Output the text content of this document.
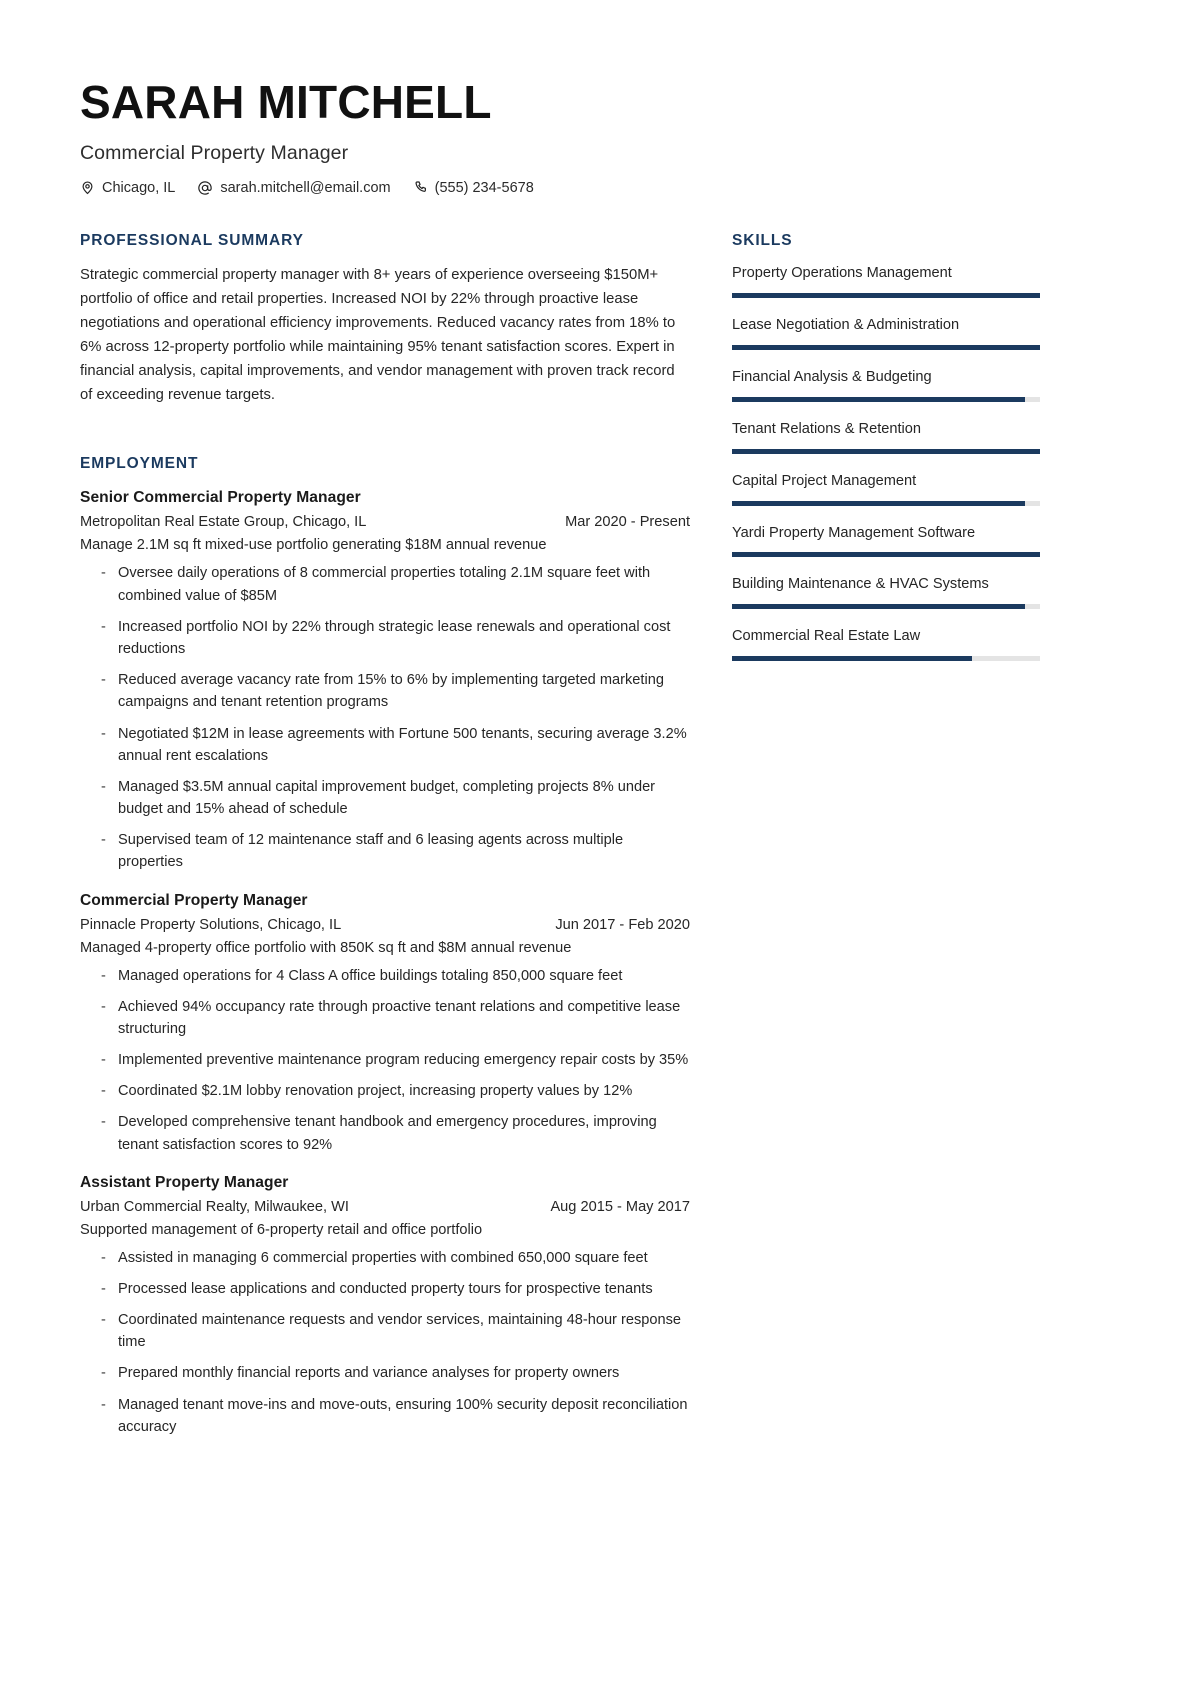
SARAH MITCHELL
Commercial Property Manager
Chicago, IL	sarah.mitchell@email.com	(555) 234-5678
PROFESSIONAL SUMMARY

Strategic commercial property manager with 8+ years of experience overseeing $150M+ portfolio of office and retail properties. Increased NOI by 22% through proactive lease negotiations and operational efficiency improvements. Reduced vacancy rates from 18% to 6% across 12-property portfolio while maintaining 95% tenant satisfaction scores. Expert in financial analysis, capital improvements, and vendor management with proven track record of exceeding revenue targets.

EMPLOYMENT
Senior Commercial Property Manager
Metropolitan Real Estate Group, Chicago, IL	Mar 2020 - Present
Manage 2.1M sq ft mixed-use portfolio generating $18M annual revenue
- Oversee daily operations of 8 commercial properties totaling 2.1M square feet with combined value of $85M
- Increased portfolio NOI by 22% through strategic lease renewals and operational cost reductions
- Reduced average vacancy rate from 15% to 6% by implementing targeted marketing campaigns and tenant retention programs
- Negotiated $12M in lease agreements with Fortune 500 tenants, securing average 3.2% annual rent escalations
- Managed $3.5M annual capital improvement budget, completing projects 8% under budget and 15% ahead of schedule
- Supervised team of 12 maintenance staff and 6 leasing agents across multiple properties
Commercial Property Manager
Pinnacle Property Solutions, Chicago, IL	Jun 2017 - Feb 2020
Managed 4-property office portfolio with 850K sq ft and $8M annual revenue
- Managed operations for 4 Class A office buildings totaling 850,000 square feet
- Achieved 94% occupancy rate through proactive tenant relations and competitive lease structuring
- Implemented preventive maintenance program reducing emergency repair costs by 35%
- Coordinated $2.1M lobby renovation project, increasing property values by 12%
- Developed comprehensive tenant handbook and emergency procedures, improving tenant satisfaction scores to 92%
Assistant Property Manager
Urban Commercial Realty, Milwaukee, WI	Aug 2015 - May 2017
Supported management of 6-property retail and office portfolio
- Assisted in managing 6 commercial properties with combined 650,000 square feet
- Processed lease applications and conducted property tours for prospective tenants
- Coordinated maintenance requests and vendor services, maintaining 48-hour response time
- Prepared monthly financial reports and variance analyses for property owners
- Managed tenant move-ins and move-outs, ensuring 100% security deposit reconciliation accuracy
SKILLS
Property Operations Management
Lease Negotiation & Administration
Financial Analysis & Budgeting
Tenant Relations & Retention
Capital Project Management
Yardi Property Management Software
Building Maintenance & HVAC Systems
Commercial Real Estate Law
